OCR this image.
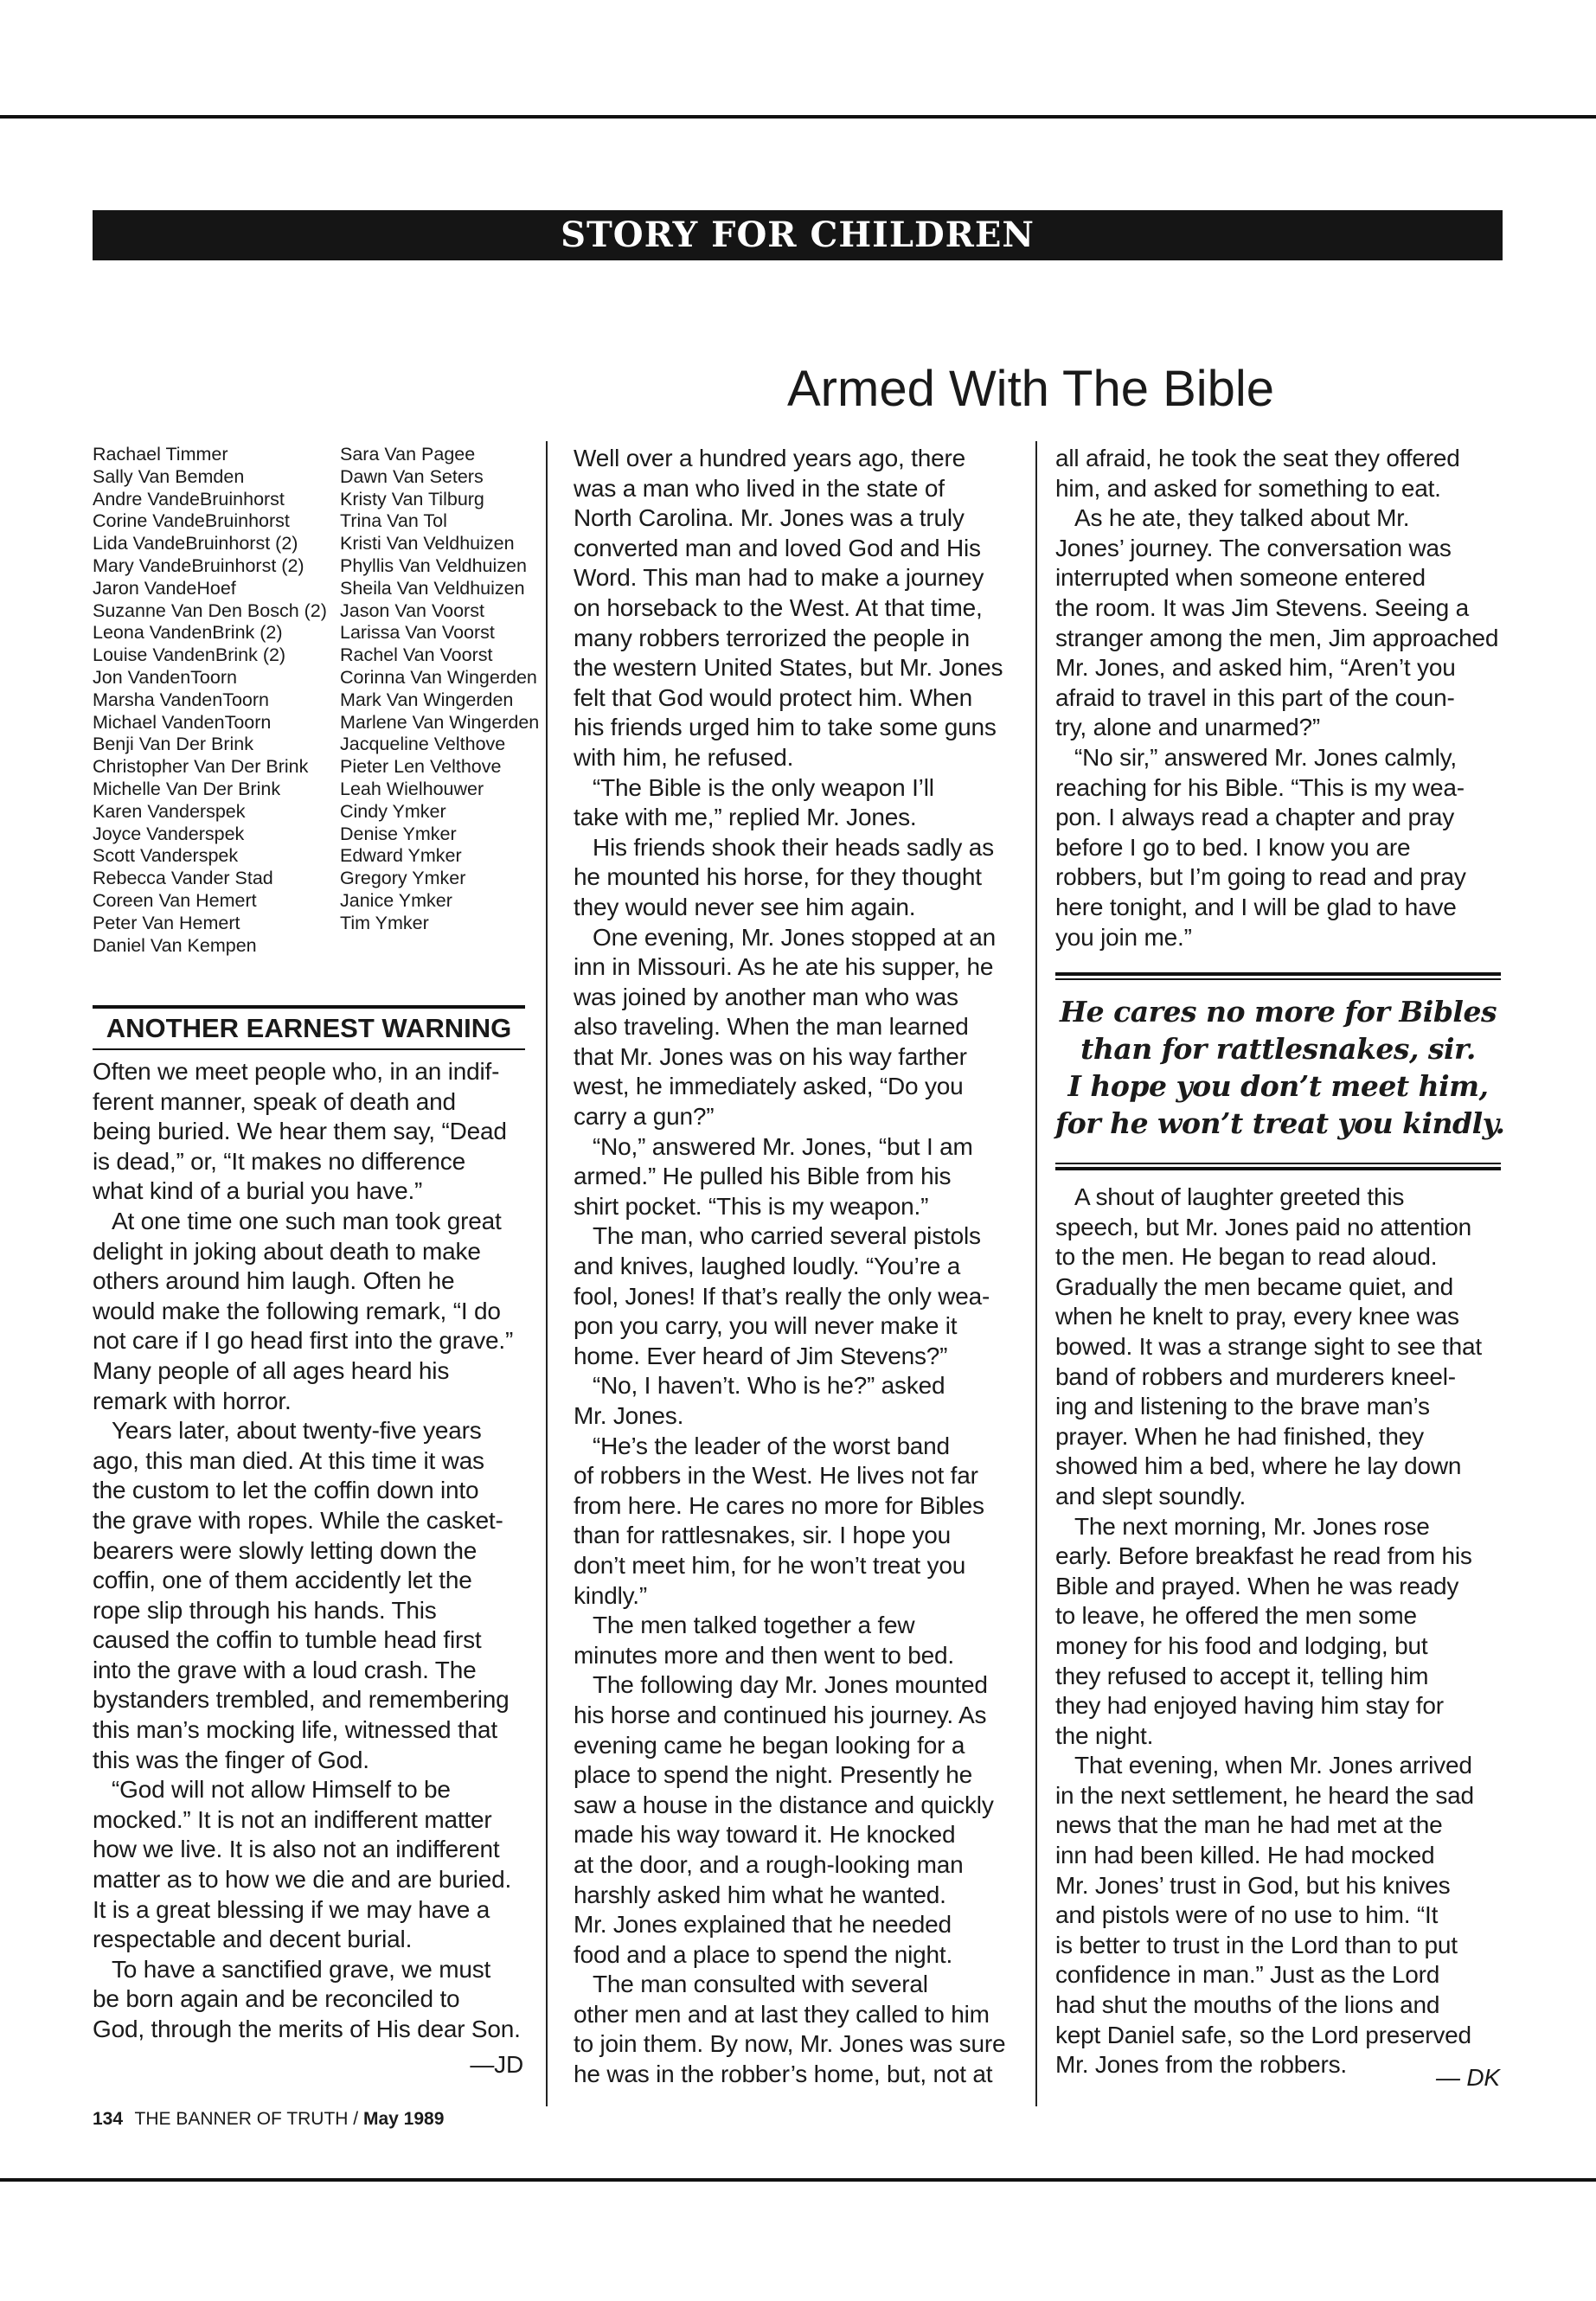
STORY FOR CHILDREN
Armed With The Bible
Rachael Timmer
Sally Van Bemden
Andre VandeBruinhorst
Corine VandeBruinhorst
Lida VandeBruinhorst (2)
Mary VandeBruinhorst (2)
Jaron VandeHoef
Suzanne Van Den Bosch (2)
Leona VandenBrink (2)
Louise VandenBrink (2)
Jon VandenToorn
Marsha VandenToorn
Michael VandenToorn
Benji Van Der Brink
Christopher Van Der Brink
Michelle Van Der Brink
Karen Vanderspek
Joyce Vanderspek
Scott Vanderspek
Rebecca Vander Stad
Coreen Van Hemert
Peter Van Hemert
Daniel Van Kempen
Sara Van Pagee
Dawn Van Seters
Kristy Van Tilburg
Trina Van Tol
Kristi Van Veldhuizen
Phyllis Van Veldhuizen
Sheila Van Veldhuizen
Jason Van Voorst
Larissa Van Voorst
Rachel Van Voorst
Corinna Van Wingerden
Mark Van Wingerden
Marlene Van Wingerden
Jacqueline Velthove
Pieter Len Velthove
Leah Wielhouwer
Cindy Ymker
Denise Ymker
Edward Ymker
Gregory Ymker
Janice Ymker
Tim Ymker
ANOTHER EARNEST WARNING

Often we meet people who, in an indif-

ferent manner, speak of death and

being buried. We hear them say, “Dead

is dead,” or, “It makes no difference

what kind of a burial you have.”

At one time one such man took great

delight in joking about death to make

others around him laugh. Often he

would make the following remark, “I do

not care if I go head first into the grave.”

Many people of all ages heard his

remark with horror.

Years later, about twenty-five years

ago, this man died. At this time it was

the custom to let the coffin down into

the grave with ropes. While the casket-

bearers were slowly letting down the

coffin, one of them accidently let the

rope slip through his hands. This

caused the coffin to tumble head first

into the grave with a loud crash. The

bystanders trembled, and remembering

this man’s mocking life, witnessed that

this was the finger of God.

“God will not allow Himself to be

mocked.” It is not an indifferent matter

how we live. It is also not an indifferent

matter as to how we die and are buried.

It is a great blessing if we may have a

respectable and decent burial.

To have a sanctified grave, we must

be born again and be reconciled to

God, through the merits of His dear Son.

—JD

Well over a hundred years ago, there

was a man who lived in the state of

North Carolina. Mr. Jones was a truly

converted man and loved God and His

Word. This man had to make a journey

on horseback to the West. At that time,

many robbers terrorized the people in

the western United States, but Mr. Jones

felt that God would protect him. When

his friends urged him to take some guns

with him, he refused.

“The Bible is the only weapon I’ll

take with me,” replied Mr. Jones.

His friends shook their heads sadly as

he mounted his horse, for they thought

they would never see him again.

One evening, Mr. Jones stopped at an

inn in Missouri. As he ate his supper, he

was joined by another man who was

also traveling. When the man learned

that Mr. Jones was on his way farther

west, he immediately asked, “Do you

carry a gun?”

“No,” answered Mr. Jones, “but I am

armed.” He pulled his Bible from his

shirt pocket. “This is my weapon.”

The man, who carried several pistols

and knives, laughed loudly. “You’re a

fool, Jones! If that’s really the only wea-

pon you carry, you will never make it

home. Ever heard of Jim Stevens?”

“No, I haven’t. Who is he?” asked

Mr. Jones.

“He’s the leader of the worst band

of robbers in the West. He lives not far

from here. He cares no more for Bibles

than for rattlesnakes, sir. I hope you

don’t meet him, for he won’t treat you

kindly.”

The men talked together a few

minutes more and then went to bed.

The following day Mr. Jones mounted

his horse and continued his journey. As

evening came he began looking for a

place to spend the night. Presently he

saw a house in the distance and quickly

made his way toward it. He knocked

at the door, and a rough-looking man

harshly asked him what he wanted.

Mr. Jones explained that he needed

food and a place to spend the night.

The man consulted with several

other men and at last they called to him

to join them. By now, Mr. Jones was sure

he was in the robber’s home, but, not at

all afraid, he took the seat they offered

him, and asked for something to eat.

As he ate, they talked about Mr.

Jones’ journey. The conversation was

interrupted when someone entered

the room. It was Jim Stevens. Seeing a

stranger among the men, Jim approached

Mr. Jones, and asked him, “Aren’t you

afraid to travel in this part of the coun-

try, alone and unarmed?”

“No sir,” answered Mr. Jones calmly,

reaching for his Bible. “This is my wea-

pon. I always read a chapter and pray

before I go to bed. I know you are

robbers, but I’m going to read and pray

here tonight, and I will be glad to have

you join me.”

He cares no more for Bibles
than for rattlesnakes, sir.
I hope you don’t meet him,
for he won’t treat you kindly.

A shout of laughter greeted this

speech, but Mr. Jones paid no attention

to the men. He began to read aloud.

Gradually the men became quiet, and

when he knelt to pray, every knee was

bowed. It was a strange sight to see that

band of robbers and murderers kneel-

ing and listening to the brave man’s

prayer. When he had finished, they

showed him a bed, where he lay down

and slept soundly.

The next morning, Mr. Jones rose

early. Before breakfast he read from his

Bible and prayed. When he was ready

to leave, he offered the men some

money for his food and lodging, but

they refused to accept it, telling him

they had enjoyed having him stay for

the night.

That evening, when Mr. Jones arrived

in the next settlement, he heard the sad

news that the man he had met at the

inn had been killed. He had mocked

Mr. Jones’ trust in God, but his knives

and pistols were of no use to him. “It

is better to trust in the Lord than to put

confidence in man.” Just as the Lord

had shut the mouths of the lions and

kept Daniel safe, so the Lord preserved

Mr. Jones from the robbers.	— DK
134 THE BANNER OF TRUTH / May 1989
